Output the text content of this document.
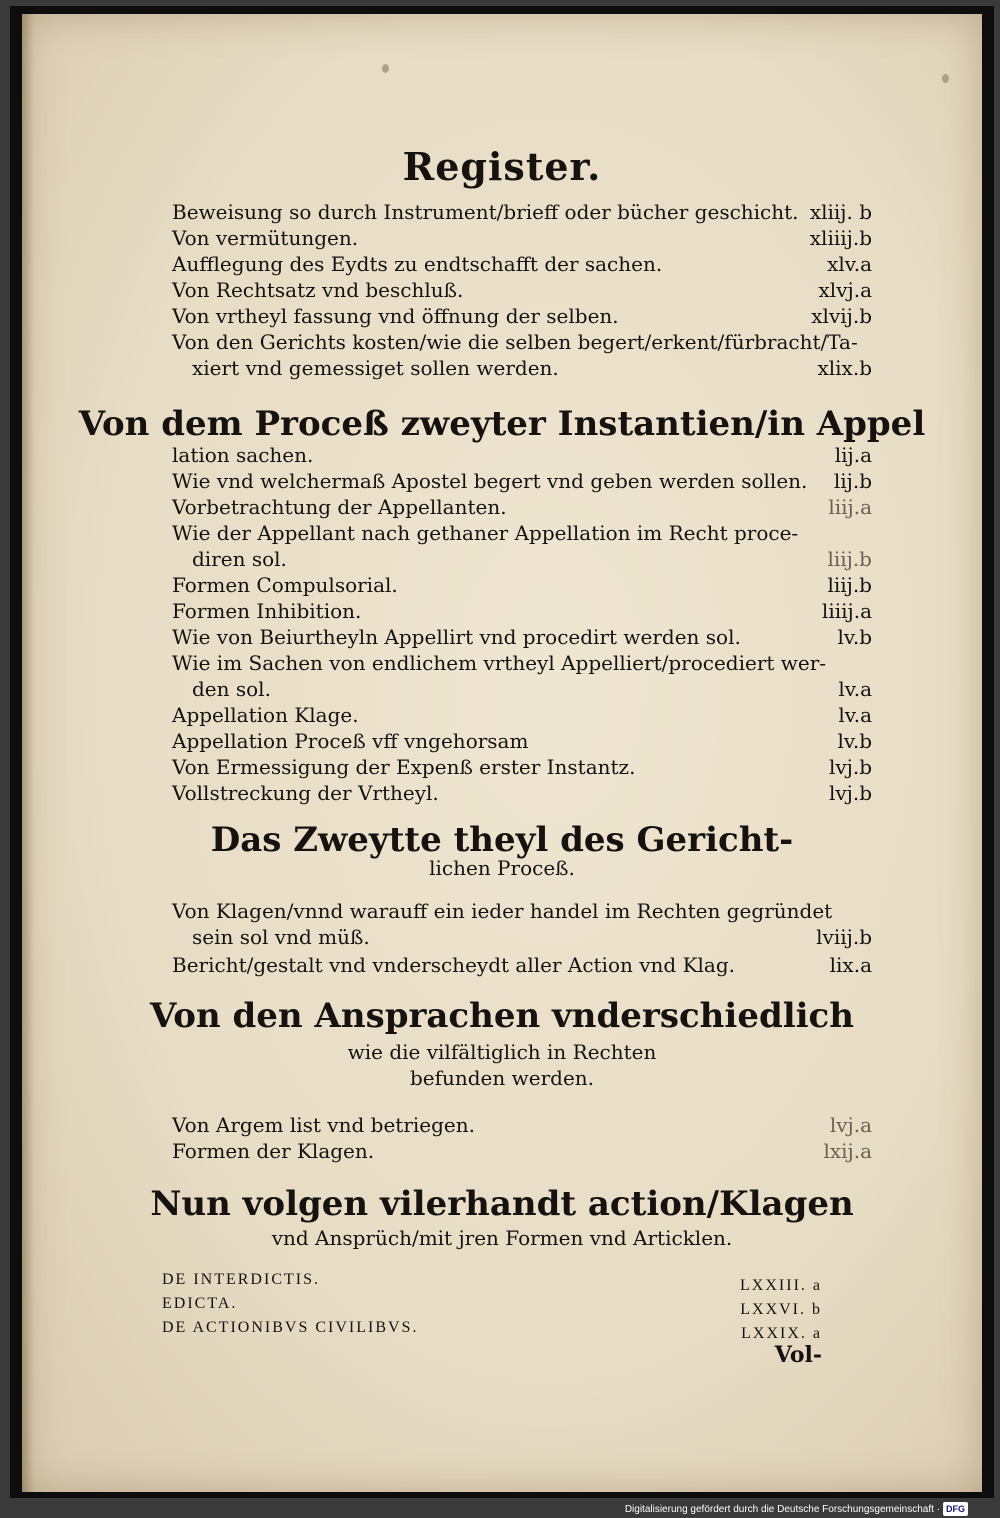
Register.
Beweisung so durch Instrument/brieff oder bücher geschicht. xliij. b
Von vermütungen.	xliiij.b
Aufflegung des Eydts zu endtschafft der sachen.	xlv.a
Von Rechtsatz vnd beschluß.	xlvj.a
Von vrtheyl fassung vnd öffnung der selben.	xlvij.b
Von den Gerichts kosten/wie die selben begert/erkent/fürbracht/Ta-
xiert vnd gemessiget sollen werden.	xlix.b
Von dem Proceß zweyter Instantien/in Appel
lation sachen.	lij.a
Wie vnd welchermaß Apostel begert vnd geben werden sollen. lij.b
Vorbetrachtung der Appellanten.	liij.a
Wie der Appellant nach gethaner Appellation im Recht proce-
diren sol.	liij.b
Formen Compulsorial.	liij.b
Formen Inhibition.	liiij.a
Wie von Beiurtheyln Appellirt vnd procedirt werden sol.	lv.b
Wie im Sachen von endlichem vrtheyl Appelliert/procediert wer-
den sol.	lv.a
Appellation Klage.	lv.a
Appellation Proceß vff vngehorsam	lv.b
Von Ermessigung der Expenß erster Instantz.	lvj.b
Vollstreckung der Vrtheyl.	lvj.b
Das Zweytte theyl des Gericht-
lichen Proceß.
Von Klagen/vnnd warauff ein ieder handel im Rechten gegründet
sein sol vnd müß.	lviij.b
Bericht/gestalt vnd vnderscheydt aller Action vnd Klag.	lix.a
Von den Ansprachen vnderschiedlich
wie die vilfältiglich in Rechten
befunden werden.
Von Argem list vnd betriegen.	lvj.a
Formen der Klagen.	lxij.a
Nun volgen vilerhandt action/Klagen
vnd Ansprüch/mit jren Formen vnd Articklen.
DE INTERDICTIS.	LXXIII. a
EDICTA.	LXXVI. b
DE ACTIONIBVS CIVILIBVS.	LXXIX. a
Vol-
Digitalisierung gefördert durch die Deutsche Forschungsgemeinschaft · DFG
